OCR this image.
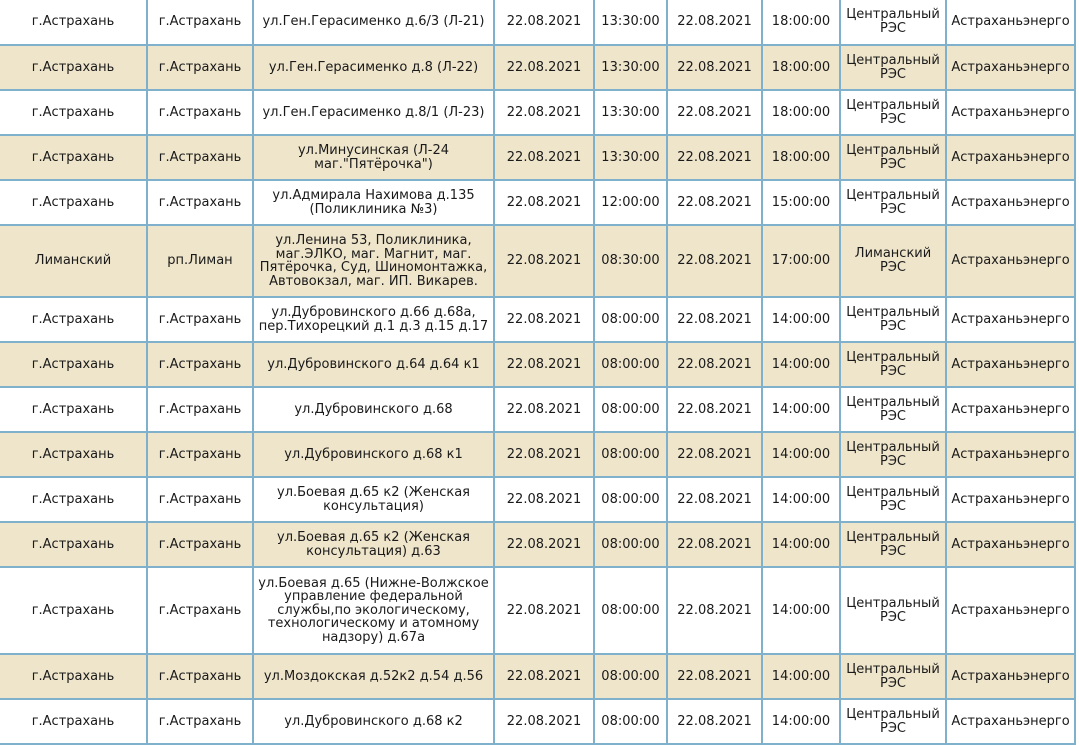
г.Астрахань	г.Астрахань	ул.Ген.Герасименко д.6/3 (Л-21)	22.08.2021	13:30:00	22.08.2021	18:00:00	Центральный РЭС	Астраханьэнерго
г.Астрахань	г.Астрахань	ул.Ген.Герасименко д.8 (Л-22)	22.08.2021	13:30:00	22.08.2021	18:00:00	Центральный РЭС	Астраханьэнерго
г.Астрахань	г.Астрахань	ул.Ген.Герасименко д.8/1 (Л-23)	22.08.2021	13:30:00	22.08.2021	18:00:00	Центральный РЭС	Астраханьэнерго
г.Астрахань	г.Астрахань	ул.Минусинская (Л-24 маг."Пятёрочка")	22.08.2021	13:30:00	22.08.2021	18:00:00	Центральный РЭС	Астраханьэнерго
г.Астрахань	г.Астрахань	ул.Адмирала Нахимова д.135 (Поликлиника №3)	22.08.2021	12:00:00	22.08.2021	15:00:00	Центральный РЭС	Астраханьэнерго
Лиманский	рп.Лиман	ул.Ленина 53, Поликлиника, маг.ЭЛКО, маг. Магнит, маг. Пятёрочка, Суд, Шиномонтажка, Автовокзал, маг. ИП. Викарев.	22.08.2021	08:30:00	22.08.2021	17:00:00	Лиманский РЭС	Астраханьэнерго
г.Астрахань	г.Астрахань	ул.Дубровинского д.66 д.68а, пер.Тихорецкий д.1 д.3 д.15 д.17	22.08.2021	08:00:00	22.08.2021	14:00:00	Центральный РЭС	Астраханьэнерго
г.Астрахань	г.Астрахань	ул.Дубровинского д.64 д.64 к1	22.08.2021	08:00:00	22.08.2021	14:00:00	Центральный РЭС	Астраханьэнерго
г.Астрахань	г.Астрахань	ул.Дубровинского д.68	22.08.2021	08:00:00	22.08.2021	14:00:00	Центральный РЭС	Астраханьэнерго
г.Астрахань	г.Астрахань	ул.Дубровинского д.68 к1	22.08.2021	08:00:00	22.08.2021	14:00:00	Центральный РЭС	Астраханьэнерго
г.Астрахань	г.Астрахань	ул.Боевая д.65 к2 (Женская консультация)	22.08.2021	08:00:00	22.08.2021	14:00:00	Центральный РЭС	Астраханьэнерго
г.Астрахань	г.Астрахань	ул.Боевая д.65 к2 (Женская консультация) д.63	22.08.2021	08:00:00	22.08.2021	14:00:00	Центральный РЭС	Астраханьэнерго
г.Астрахань	г.Астрахань	ул.Боевая д.65 (Нижне-Волжское управление федеральной службы,по экологическому, технологическому и атомному надзору) д.67а	22.08.2021	08:00:00	22.08.2021	14:00:00	Центральный РЭС	Астраханьэнерго
г.Астрахань	г.Астрахань	ул.Моздокская д.52к2 д.54 д.56	22.08.2021	08:00:00	22.08.2021	14:00:00	Центральный РЭС	Астраханьэнерго
г.Астрахань	г.Астрахань	ул.Дубровинского д.68 к2	22.08.2021	08:00:00	22.08.2021	14:00:00	Центральный РЭС	Астраханьэнерго
